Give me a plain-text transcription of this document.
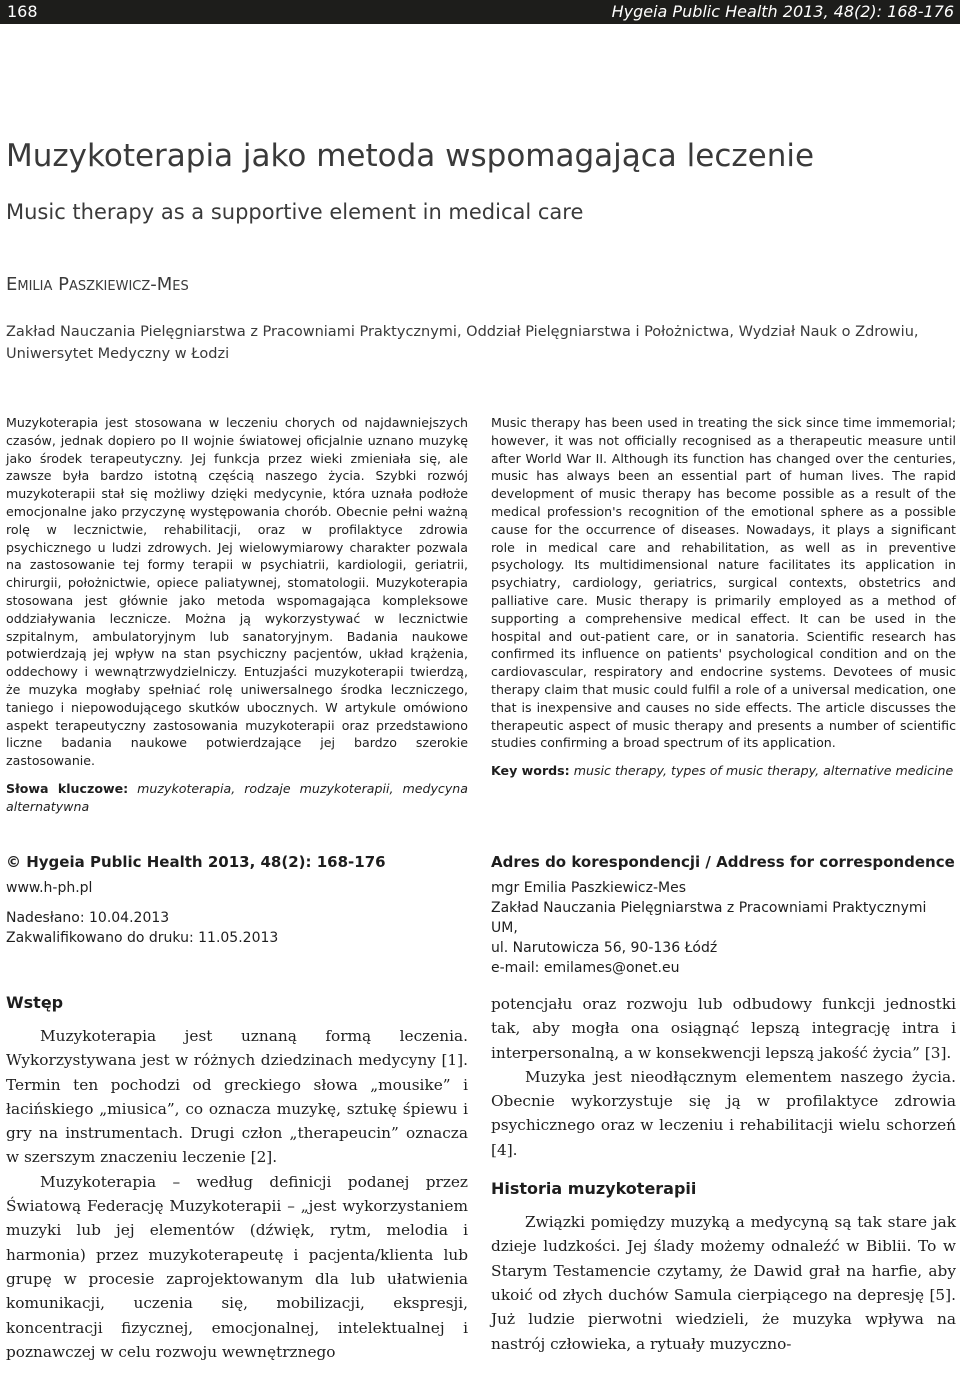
168	Hygeia Public Health 2013, 48(2): 168-176
Muzykoterapia jako metoda wspomagająca leczenie
Music therapy as a supportive element in medical care
Emilia Paszkiewicz-Mes
Zakład Nauczania Pielęgniarstwa z Pracowniami Praktycznymi, Oddział Pielęgniarstwa i Położnictwa, Wydział Nauk o Zdrowiu, Uniwersytet Medyczny w Łodzi
Muzykoterapia jest stosowana w leczeniu chorych od najdawniejszych czasów, jednak dopiero po II wojnie światowej oficjalnie uznano muzykę jako środek terapeutyczny. Jej funkcja przez wieki zmieniała się, ale zawsze była bardzo istotną częścią naszego życia. Szybki rozwój muzykoterapii stał się możliwy dzięki medycynie, która uznała podłoże emocjonalne jako przyczynę występowania chorób. Obecnie pełni ważną rolę w lecznictwie, rehabilitacji, oraz w profilaktyce zdrowia psychicznego u ludzi zdrowych. Jej wielowymiarowy charakter pozwala na zastosowanie tej formy terapii w psychiatrii, kardiologii, geriatrii, chirurgii, położnictwie, opiece paliatywnej, stomatologii. Muzykoterapia stosowana jest głównie jako metoda wspomagająca kompleksowe oddziaływania lecznicze. Można ją wykorzystywać w lecznictwie szpitalnym, ambulatoryjnym lub sanatoryjnym. Badania naukowe potwierdzają jej wpływ na stan psychiczny pacjentów, układ krążenia, oddechowy i wewnątrzwydzielniczy. Entuzjaści muzykoterapii twierdzą, że muzyka mogłaby spełniać rolę uniwersalnego środka leczniczego, taniego i niepowodującego skutków ubocznych. W artykule omówiono aspekt terapeutyczny zastosowania muzykoterapii oraz przedstawiono liczne badania naukowe potwierdzające jej bardzo szerokie zastosowanie.
Słowa kluczowe: muzykoterapia, rodzaje muzykoterapii, medycyna alternatywna
Music therapy has been used in treating the sick since time immemorial; however, it was not officially recognised as a therapeutic measure until after World War II. Although its function has changed over the centuries, music has always been an essential part of human lives. The rapid development of music therapy has become possible as a result of the medical profession's recognition of the emotional sphere as a possible cause for the occurrence of diseases. Nowadays, it plays a significant role in medical care and rehabilitation, as well as in preventive psychology. Its multidimensional nature facilitates its application in psychiatry, cardiology, geriatrics, surgical contexts, obstetrics and palliative care. Music therapy is primarily employed as a method of supporting a comprehensive medical effect. It can be used in the hospital and out-patient care, or in sanatoria. Scientific research has confirmed its influence on patients' psychological condition and on the cardiovascular, respiratory and endocrine systems. Devotees of music therapy claim that music could fulfil a role of a universal medication, one that is inexpensive and causes no side effects. The article discusses the therapeutic aspect of music therapy and presents a number of scientific studies confirming a broad spectrum of its application.
Key words: music therapy, types of music therapy, alternative medicine
© Hygeia Public Health 2013, 48(2): 168-176
www.h-ph.pl
Nadesłano: 10.04.2013
Zakwalifikowano do druku: 11.05.2013
Adres do korespondencji / Address for correspondence
mgr Emilia Paszkiewicz-Mes
Zakład Nauczania Pielęgniarstwa z Pracowniami Praktycznymi UM,
ul. Narutowicza 56, 90-136 Łódź
e-mail: emilames@onet.eu
Wstęp

Muzykoterapia jest uznaną formą leczenia. Wykorzystywana jest w różnych dziedzinach medycyny [1]. Termin ten pochodzi od greckiego słowa „mousike” i łacińskiego „miusica”, co oznacza muzykę, sztukę śpiewu i gry na instrumentach. Drugi człon „therapeucin” oznacza w szerszym znaczeniu leczenie [2].

Muzykoterapia – według definicji podanej przez Światową Federację Muzykoterapii – „jest wykorzystaniem muzyki lub jej elementów (dźwięk, rytm, melodia i harmonia) przez muzykoterapeutę i pacjenta/klienta lub grupę w procesie zaprojektowanym dla lub ułatwienia komunikacji, uczenia się, mobilizacji, ekspresji, koncentracji fizycznej, emocjonalnej, intelektualnej i poznawczej w celu rozwoju wewnętrznego

potencjału oraz rozwoju lub odbudowy funkcji jednostki tak, aby mogła ona osiągnąć lepszą integrację intra i interpersonalną, a w konsekwencji lepszą jakość życia” [3].

Muzyka jest nieodłącznym elementem naszego życia. Obecnie wykorzystuje się ją w profilaktyce zdrowia psychicznego oraz w leczeniu i rehabilitacji wielu schorzeń [4].

Historia muzykoterapii

Związki pomiędzy muzyką a medycyną są tak stare jak dzieje ludzkości. Jej ślady możemy odnaleźć w Biblii. To w Starym Testamencie czytamy, że Dawid grał na harfie, aby ukoić od złych duchów Samula cierpiącego na depresję [5]. Już ludzie pierwotni wiedzieli, że muzyka wpływa na nastrój człowieka, a rytuały muzyczno-
